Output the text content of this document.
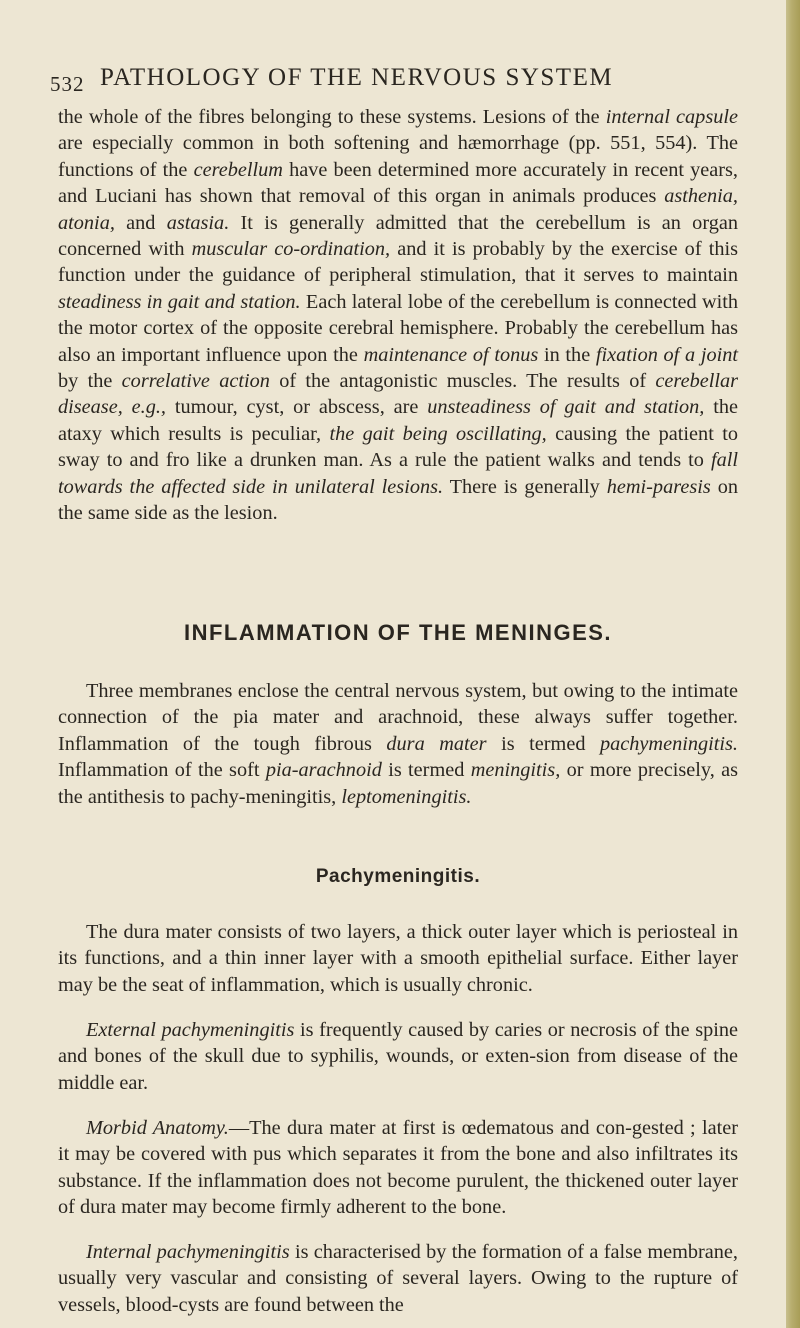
532 PATHOLOGY OF THE NERVOUS SYSTEM
the whole of the fibres belonging to these systems. Lesions of the internal capsule are especially common in both softening and hæmorrhage (pp. 551, 554). The functions of the cerebellum have been determined more accurately in recent years, and Luciani has shown that removal of this organ in animals produces asthenia, atonia, and astasia. It is generally admitted that the cerebellum is an organ concerned with muscular co-ordination, and it is probably by the exercise of this function under the guidance of peripheral stimulation, that it serves to maintain steadiness in gait and station. Each lateral lobe of the cerebellum is connected with the motor cortex of the opposite cerebral hemisphere. Probably the cerebellum has also an important influence upon the maintenance of tonus in the fixation of a joint by the correlative action of the antagonistic muscles. The results of cerebellar disease, e.g., tumour, cyst, or abscess, are unsteadiness of gait and station, the ataxy which results is peculiar, the gait being oscillating, causing the patient to sway to and fro like a drunken man. As a rule the patient walks and tends to fall towards the affected side in unilateral lesions. There is generally hemi-paresis on the same side as the lesion.
INFLAMMATION OF THE MENINGES.
Three membranes enclose the central nervous system, but owing to the intimate connection of the pia mater and arachnoid, these always suffer together. Inflammation of the tough fibrous dura mater is termed pachymeningitis. Inflammation of the soft pia-arachnoid is termed meningitis, or more precisely, as the antithesis to pachy-meningitis, leptomeningitis.
Pachymeningitis.
The dura mater consists of two layers, a thick outer layer which is periosteal in its functions, and a thin inner layer with a smooth epithelial surface. Either layer may be the seat of inflammation, which is usually chronic.
External pachymeningitis is frequently caused by caries or necrosis of the spine and bones of the skull due to syphilis, wounds, or exten-sion from disease of the middle ear.
Morbid Anatomy.—The dura mater at first is œdematous and con-gested ; later it may be covered with pus which separates it from the bone and also infiltrates its substance. If the inflammation does not become purulent, the thickened outer layer of dura mater may become firmly adherent to the bone.
Internal pachymeningitis is characterised by the formation of a false membrane, usually very vascular and consisting of several layers. Owing to the rupture of vessels, blood-cysts are found between the
